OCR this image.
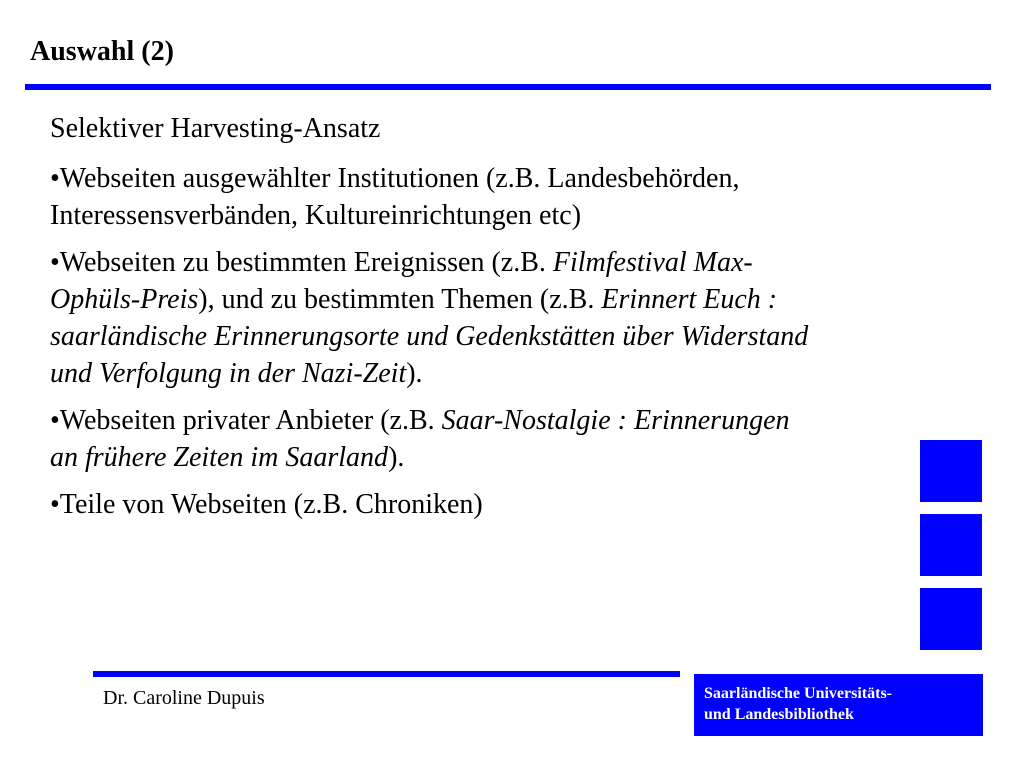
Auswahl (2)

Selektiver Harvesting-Ansatz

•Webseiten ausgewählter Institutionen (z.B. Landesbehörden, Interessensverbänden, Kultureinrichtungen etc)

•Webseiten zu bestimmten Ereignissen (z.B. Filmfestival Max-Ophüls-Preis), und zu bestimmten Themen (z.B. Erinnert Euch : saarländische Erinnerungsorte und Gedenkstätten über Widerstand und Verfolgung in der Nazi-Zeit).

•Webseiten privater Anbieter (z.B. Saar-Nostalgie : Erinnerungen an frühere Zeiten im Saarland).

•Teile von Webseiten (z.B. Chroniken)

Dr. Caroline Dupuis	Saarländische Universitäts-
und Landesbibliothek
